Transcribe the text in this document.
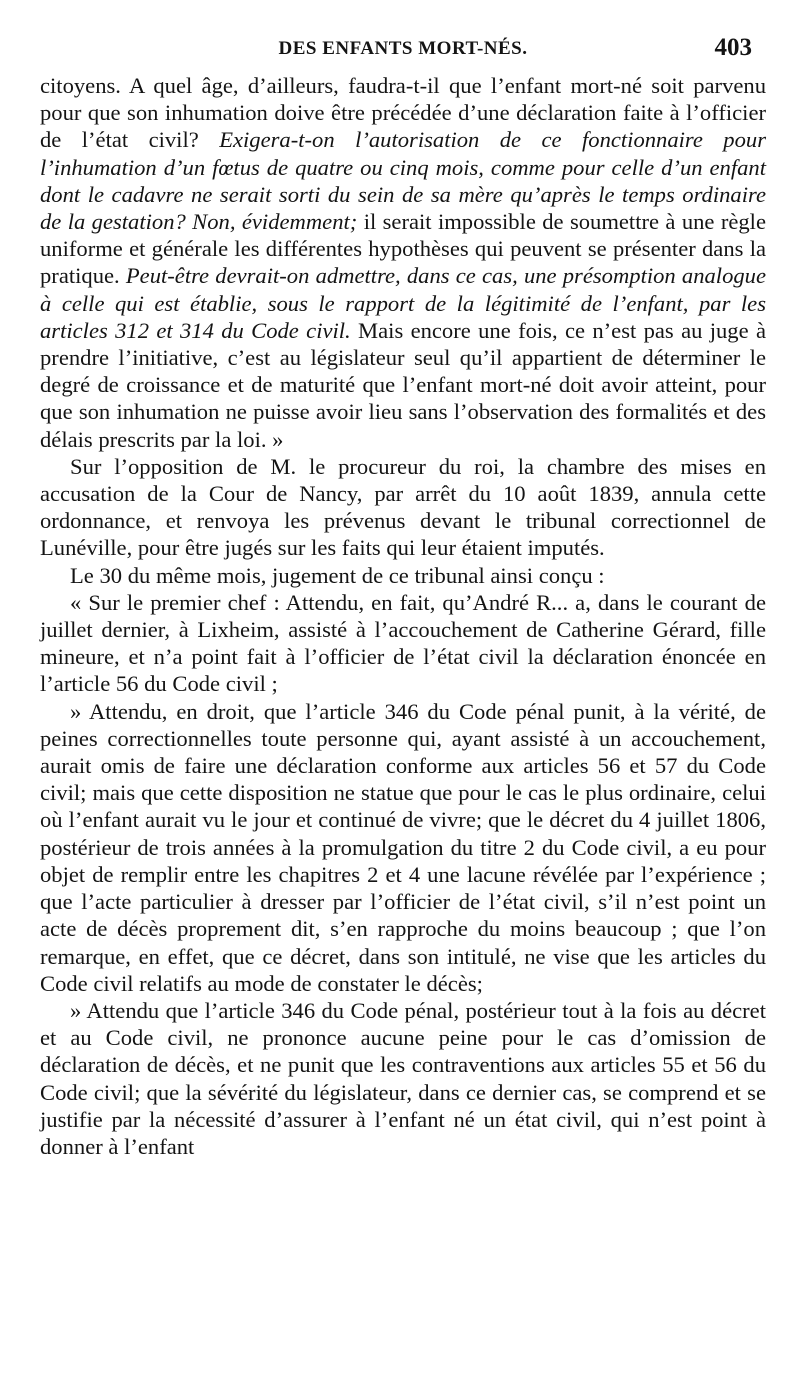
DES ENFANTS MORT-NÉS.	403

citoyens. A quel âge, d’ailleurs, faudra-t-il que l’enfant mort-né soit parvenu pour que son inhumation doive être précédée d’une déclaration faite à l’officier de l’état civil? Exigera-t-on l’autorisation de ce fonctionnaire pour l’inhumation d’un fœtus de quatre ou cinq mois, comme pour celle d’un enfant dont le cadavre ne serait sorti du sein de sa mère qu’après le temps ordinaire de la gestation? Non, évidemment; il serait impossible de soumettre à une règle uniforme et générale les différentes hypothèses qui peuvent se présenter dans la pratique. Peut-être devrait-on admettre, dans ce cas, une présomption analogue à celle qui est établie, sous le rapport de la légitimité de l’enfant, par les articles 312 et 314 du Code civil. Mais encore une fois, ce n’est pas au juge à prendre l’initiative, c’est au législateur seul qu’il appartient de déterminer le degré de croissance et de maturité que l’enfant mort-né doit avoir atteint, pour que son inhumation ne puisse avoir lieu sans l’observation des formalités et des délais prescrits par la loi. »

Sur l’opposition de M. le procureur du roi, la chambre des mises en accusation de la Cour de Nancy, par arrêt du 10 août 1839, annula cette ordonnance, et renvoya les prévenus devant le tribunal correctionnel de Lunéville, pour être jugés sur les faits qui leur étaient imputés.

Le 30 du même mois, jugement de ce tribunal ainsi conçu :

« Sur le premier chef : Attendu, en fait, qu’André R... a, dans le courant de juillet dernier, à Lixheim, assisté à l’accouchement de Catherine Gérard, fille mineure, et n’a point fait à l’officier de l’état civil la déclaration énoncée en l’article 56 du Code civil ;

» Attendu, en droit, que l’article 346 du Code pénal punit, à la vérité, de peines correctionnelles toute personne qui, ayant assisté à un accouchement, aurait omis de faire une déclaration conforme aux articles 56 et 57 du Code civil; mais que cette disposition ne statue que pour le cas le plus ordinaire, celui où l’enfant aurait vu le jour et continué de vivre; que le décret du 4 juillet 1806, postérieur de trois années à la promulgation du titre 2 du Code civil, a eu pour objet de remplir entre les chapitres 2 et 4 une lacune révélée par l’expérience ; que l’acte particulier à dresser par l’officier de l’état civil, s’il n’est point un acte de décès proprement dit, s’en rapproche du moins beaucoup ; que l’on remarque, en effet, que ce décret, dans son intitulé, ne vise que les articles du Code civil relatifs au mode de constater le décès;

» Attendu que l’article 346 du Code pénal, postérieur tout à la fois au décret et au Code civil, ne prononce aucune peine pour le cas d’omission de déclaration de décès, et ne punit que les contraventions aux articles 55 et 56 du Code civil; que la sévérité du législateur, dans ce dernier cas, se comprend et se justifie par la nécessité d’assurer à l’enfant né un état civil, qui n’est point à donner à l’enfant
